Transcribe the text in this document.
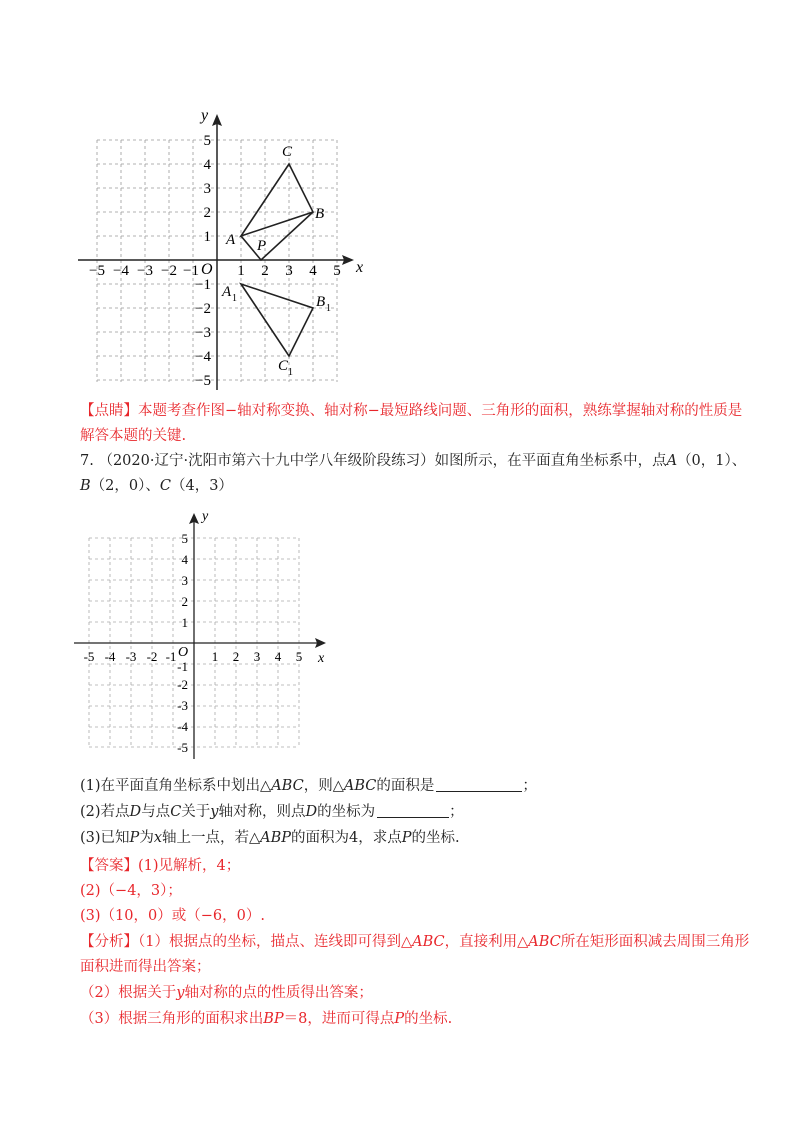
x
y
O
−5 −4 −3 −2 −1	1 2 3 4 5
5
4
3
2
1
−1
−2
−3
−4
−5
A
B
C
P
A 1	B 1
C 1
【点睛】本题考查作图−轴对称变换、轴对称−最短路线问题、三角形的面积，熟练掌握轴对称的性质是
解答本题的关键.
7. （2020·辽宁·沈阳市第六十九中学八年级阶段练习）如图所示，在平面直角坐标系中，点A（0，1）、
B（2，0）、C（4，3）
x
y
O
-5 -4 -3 -2 -1	1 2 3 4 5
5
4
3
2
1
-1
-2
-3
-4
-5
(1)在平面直角坐标系中划出△ABC，则△ABC的面积是	；
(2)若点D与点C关于y轴对称，则点D的坐标为	；
(3)已知P为x轴上一点，若△ABP的面积为4，求点P的坐标.
【答案】(1)见解析，4；
(2)（−4，3）；
(3)（10，0）或（−6，0）.
【分析】（1）根据点的坐标，描点、连线即可得到△ABC，直接利用△ABC所在矩形面积减去周围三角形
面积进而得出答案；
（2）根据关于y轴对称的点的性质得出答案；
（3）根据三角形的面积求出BP＝8，进而可得点P的坐标.
